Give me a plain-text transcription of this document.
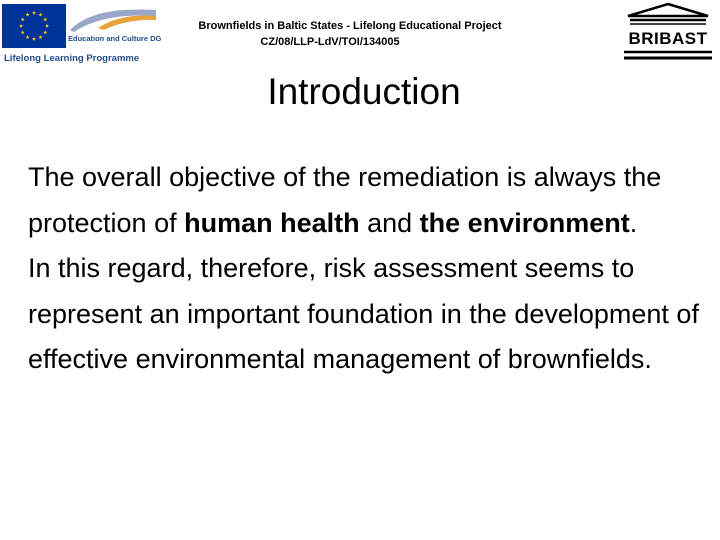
Education and Culture DG
Lifelong Learning Programme
Brownfields in Baltic States - Lifelong Educational Project
CZ/08/LLP-LdV/TOI/134005	BRIBAST
Introduction

The overall objective of the remediation is always the protection of human health and the environment.

In this regard, therefore, risk assessment seems to represent an important foundation in the development of effective environmental management of brownfields.
